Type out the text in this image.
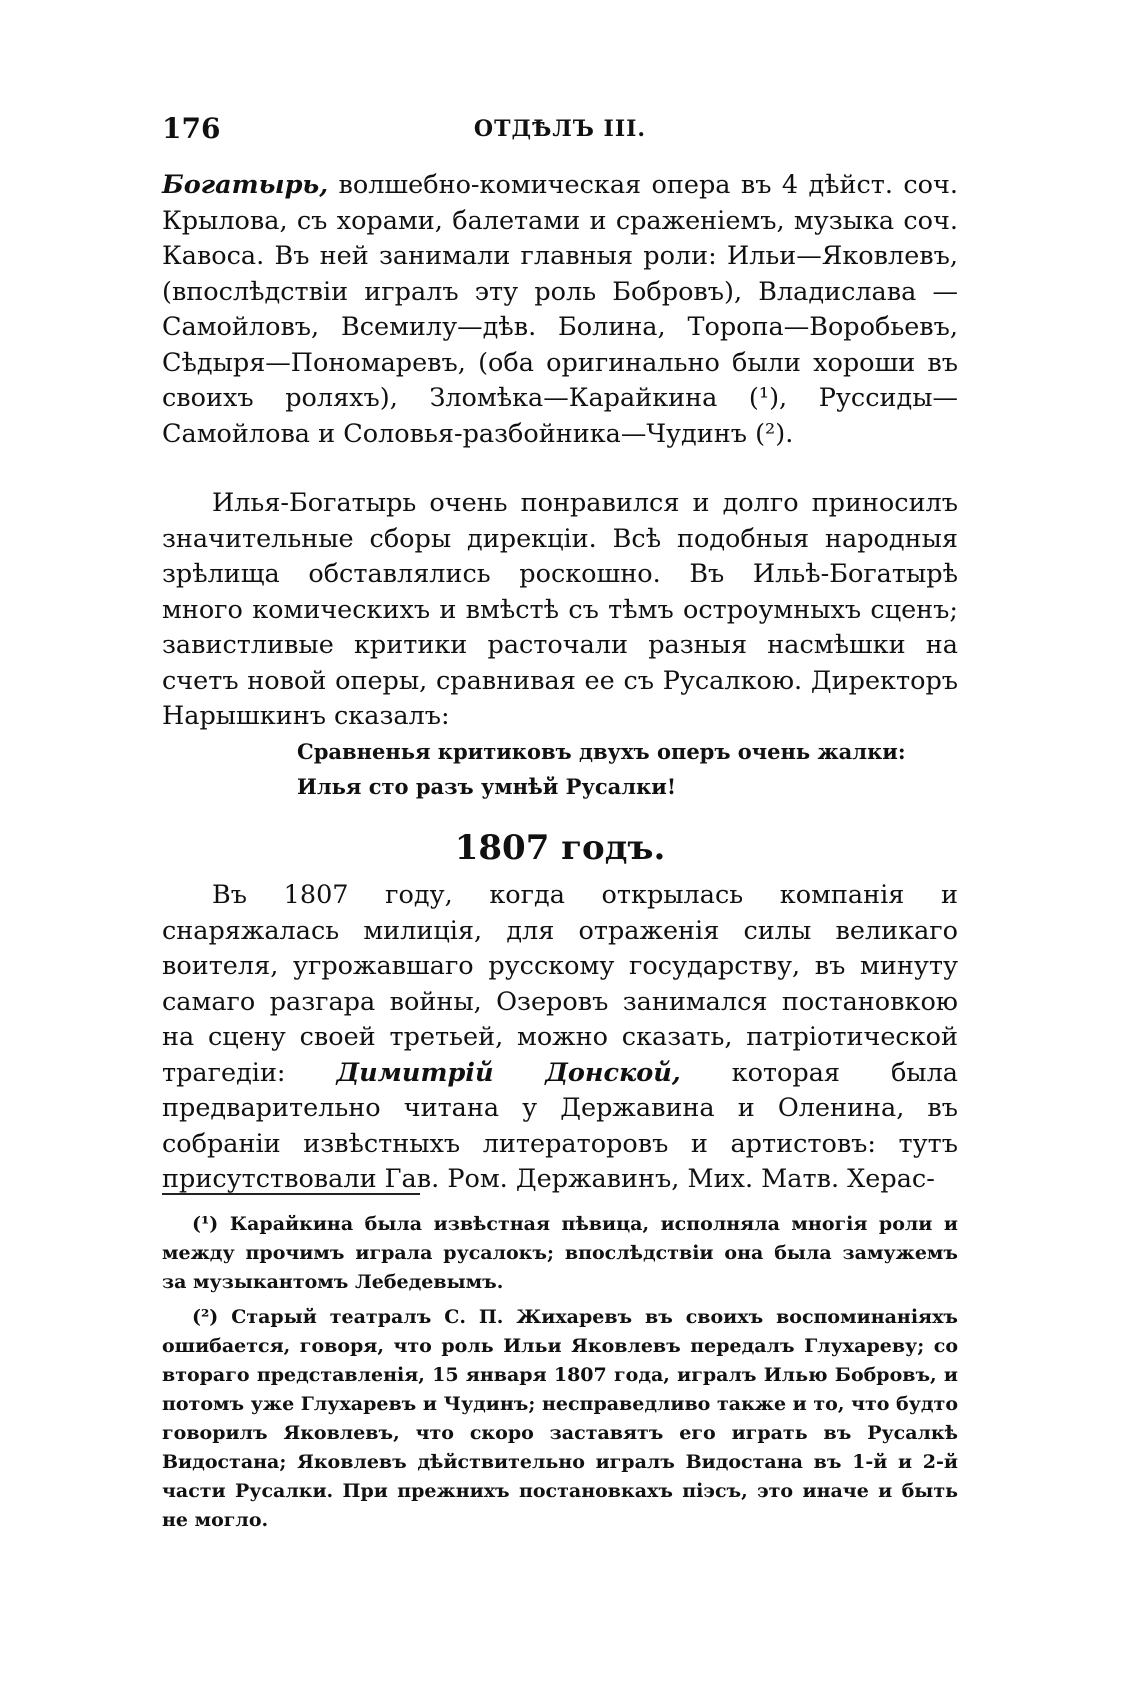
176	ОТДѢЛЪ III.

Богатырь, волшебно-комическая опера въ 4 дѣйст. соч. Крылова, съ хорами, балетами и сраженіемъ, музыка соч. Кавоса. Въ ней занимали главныя роли: Ильи—Яковлевъ, (впослѣдствіи игралъ эту роль Бобровъ), Владислава — Самойловъ, Всемилу—дѣв. Болина, Торопа—Воробьевъ, Сѣдыря—Пономаревъ, (оба оригинально были хороши въ своихъ роляхъ), Зломѣка—Карайкина (¹), Руссиды—Самойлова и Соловья-разбойника—Чудинъ (²).

Илья-Богатырь очень понравился и долго приносилъ значительные сборы дирекціи. Всѣ подобныя народныя зрѣлища обставлялись роскошно. Въ Ильѣ-Богатырѣ много комическихъ и вмѣстѣ съ тѣмъ остроумныхъ сценъ; завистливые критики расточали разныя насмѣшки на счетъ новой оперы, сравнивая ее съ Русалкою. Директоръ Нарышкинъ сказалъ:

Сравненья критиковъ двухъ оперъ очень жалки:
Илья сто разъ умнѣй Русалки!
1807 годъ.

Въ 1807 году, когда открылась компанія и снаряжалась милиція, для отраженія силы великаго воителя, угрожавшаго русскому государству, въ минуту самаго разгара войны, Озеровъ занимался постановкою на сцену своей третьей, можно сказать, патріотической трагедіи: Димитрій Донской, которая была предварительно читана у Державина и Оленина, въ собраніи извѣстныхъ литераторовъ и артистовъ: тутъ присутствовали Гав. Ром. Державинъ, Мих. Матв. Херас-

(¹) Карайкина была извѣстная пѣвица, исполняла многія роли и между прочимъ играла русалокъ; впослѣдствіи она была замужемъ за музыкантомъ Лебедевымъ.

(²) Старый театралъ С. П. Жихаревъ въ своихъ воспоминаніяхъ ошибается, говоря, что роль Ильи Яковлевъ передалъ Глухареву; со втораго представленія, 15 января 1807 года, игралъ Илью Бобровъ, и потомъ уже Глухаревъ и Чудинъ; несправедливо также и то, что будто говорилъ Яковлевъ, что скоро заставятъ его играть въ Русалкѣ Видостана; Яковлевъ дѣйствительно игралъ Видостана въ 1-й и 2-й части Русалки. При прежнихъ постановкахъ піэсъ, это иначе и быть не могло.
